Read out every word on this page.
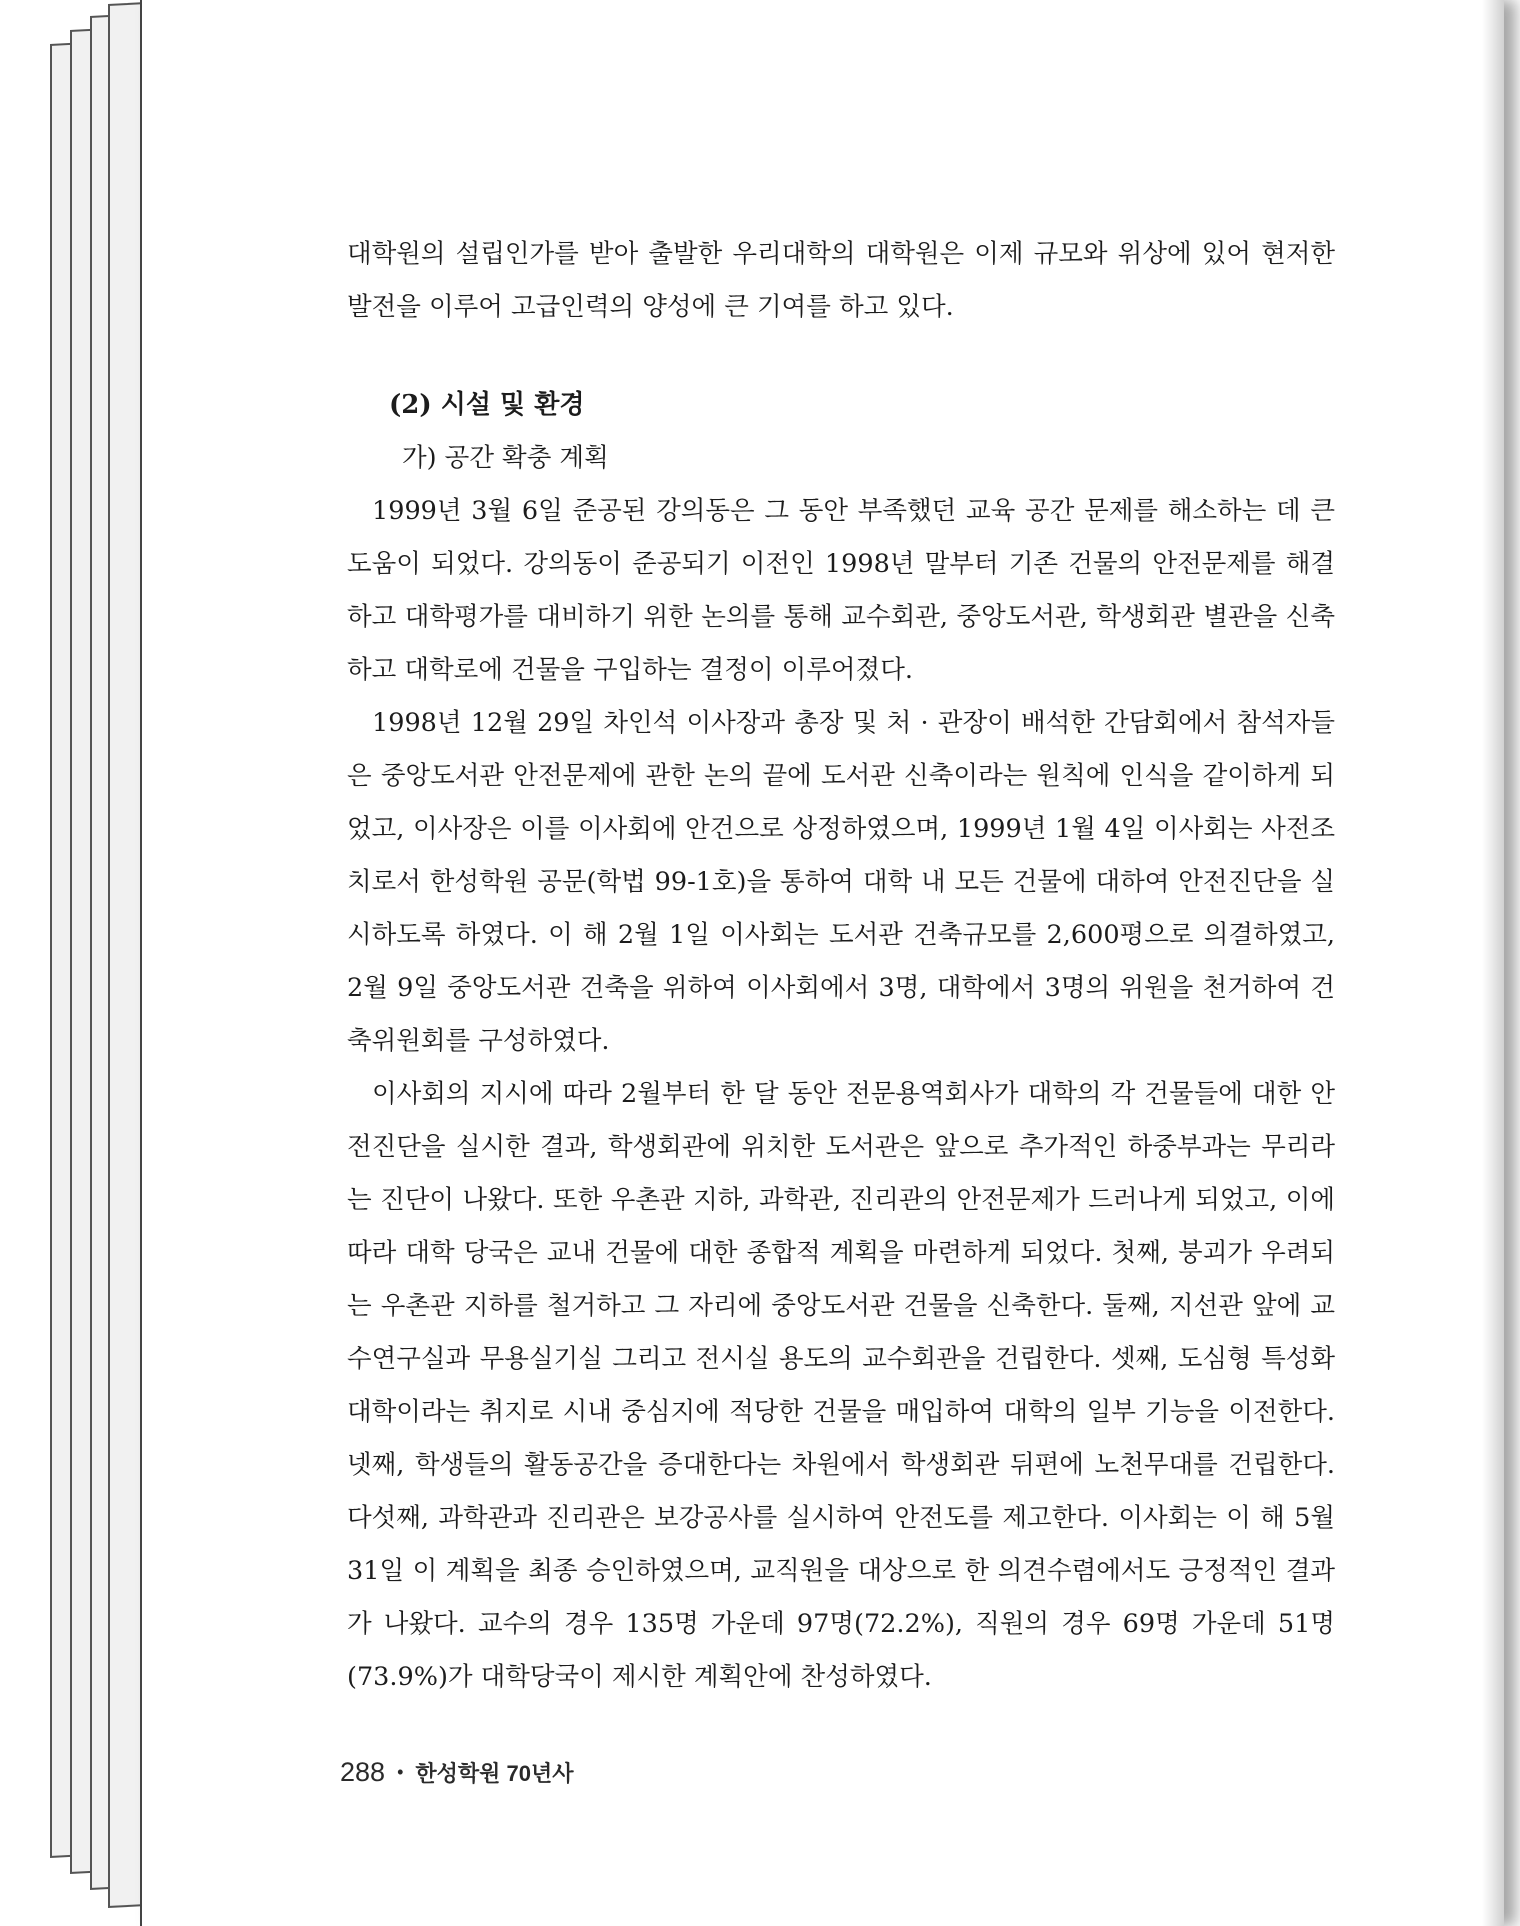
대학원의 설립인가를 받아 출발한 우리대학의 대학원은 이제 규모와 위상에 있어 현저한 발전을 이루어 고급인력의 양성에 큰 기여를 하고 있다.

(2) 시설 및 환경

가) 공간 확충 계획

1999년 3월 6일 준공된 강의동은 그 동안 부족했던 교육 공간 문제를 해소하는 데 큰 도움이 되었다. 강의동이 준공되기 이전인 1998년 말부터 기존 건물의 안전문제를 해결하고 대학평가를 대비하기 위한 논의를 통해 교수회관, 중앙도서관, 학생회관 별관을 신축하고 대학로에 건물을 구입하는 결정이 이루어졌다.

1998년 12월 29일 차인석 이사장과 총장 및 처 · 관장이 배석한 간담회에서 참석자들은 중앙도서관 안전문제에 관한 논의 끝에 도서관 신축이라는 원칙에 인식을 같이하게 되었고, 이사장은 이를 이사회에 안건으로 상정하였으며, 1999년 1월 4일 이사회는 사전조치로서 한성학원 공문(학법 99-1호)을 통하여 대학 내 모든 건물에 대하여 안전진단을 실시하도록 하였다. 이 해 2월 1일 이사회는 도서관 건축규모를 2,600평으로 의결하였고, 2월 9일 중앙도서관 건축을 위하여 이사회에서 3명, 대학에서 3명의 위원을 천거하여 건축위원회를 구성하였다.

이사회의 지시에 따라 2월부터 한 달 동안 전문용역회사가 대학의 각 건물들에 대한 안전진단을 실시한 결과, 학생회관에 위치한 도서관은 앞으로 추가적인 하중부과는 무리라는 진단이 나왔다. 또한 우촌관 지하, 과학관, 진리관의 안전문제가 드러나게 되었고, 이에 따라 대학 당국은 교내 건물에 대한 종합적 계획을 마련하게 되었다. 첫째, 붕괴가 우려되는 우촌관 지하를 철거하고 그 자리에 중앙도서관 건물을 신축한다. 둘째, 지선관 앞에 교수연구실과 무용실기실 그리고 전시실 용도의 교수회관을 건립한다. 셋째, 도심형 특성화 대학이라는 취지로 시내 중심지에 적당한 건물을 매입하여 대학의 일부 기능을 이전한다. 넷째, 학생들의 활동공간을 증대한다는 차원에서 학생회관 뒤편에 노천무대를 건립한다. 다섯째, 과학관과 진리관은 보강공사를 실시하여 안전도를 제고한다. 이사회는 이 해 5월 31일 이 계획을 최종 승인하였으며, 교직원을 대상으로 한 의견수렴에서도 긍정적인 결과가 나왔다. 교수의 경우 135명 가운데 97명(72.2%), 직원의 경우 69명 가운데 51명(73.9%)가 대학당국이 제시한 계획안에 찬성하였다.

288 • 한성학원 70년사
